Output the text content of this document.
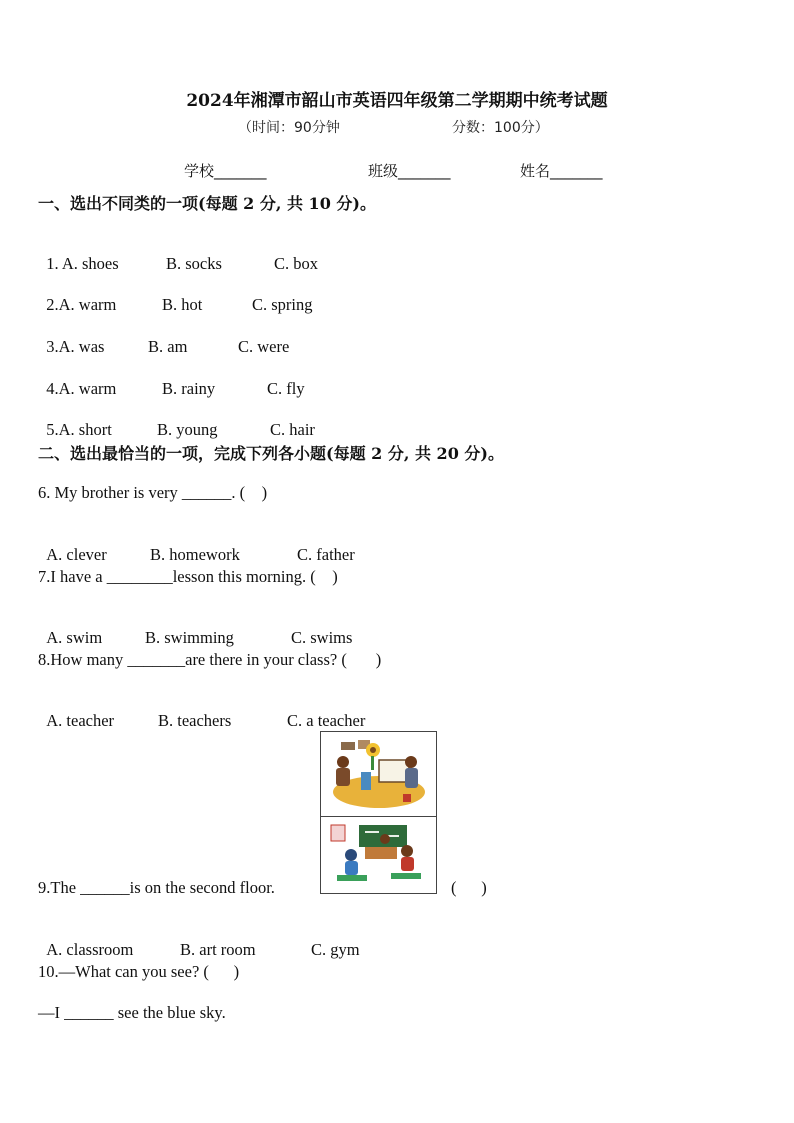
2024年湘潭市韶山市英语四年级第二学期期中统考试题
（时间：90分钟	分数：100分）
学校_______	班级_______	姓名_______
一、选出不同类的一项(每题 2 分, 共 10 分)。

1. A. shoes	B. socks	C. box

2.A. warm	B. hot	C. spring

3.A. was	B. am	C. were

4.A. warm	B. rainy	C. fly

5.A. short	B. young	C. hair

二、选出最恰当的一项，完成下列各小题(每题 2 分, 共 20 分)。
6. My brother is very ______. (    )

A. clever	B. homework	C. father

7.I have a ________lesson this morning. (    )

A. swim	B. swimming	C. swims

8.How many _______are there in your class? (       )

A. teacher	B. teachers	C. a teacher

9.The ______is on the second floor.	(      )

A. classroom	B. art room	C. gym

10.—What can you see? (      )
—I ______ see the blue sky.
